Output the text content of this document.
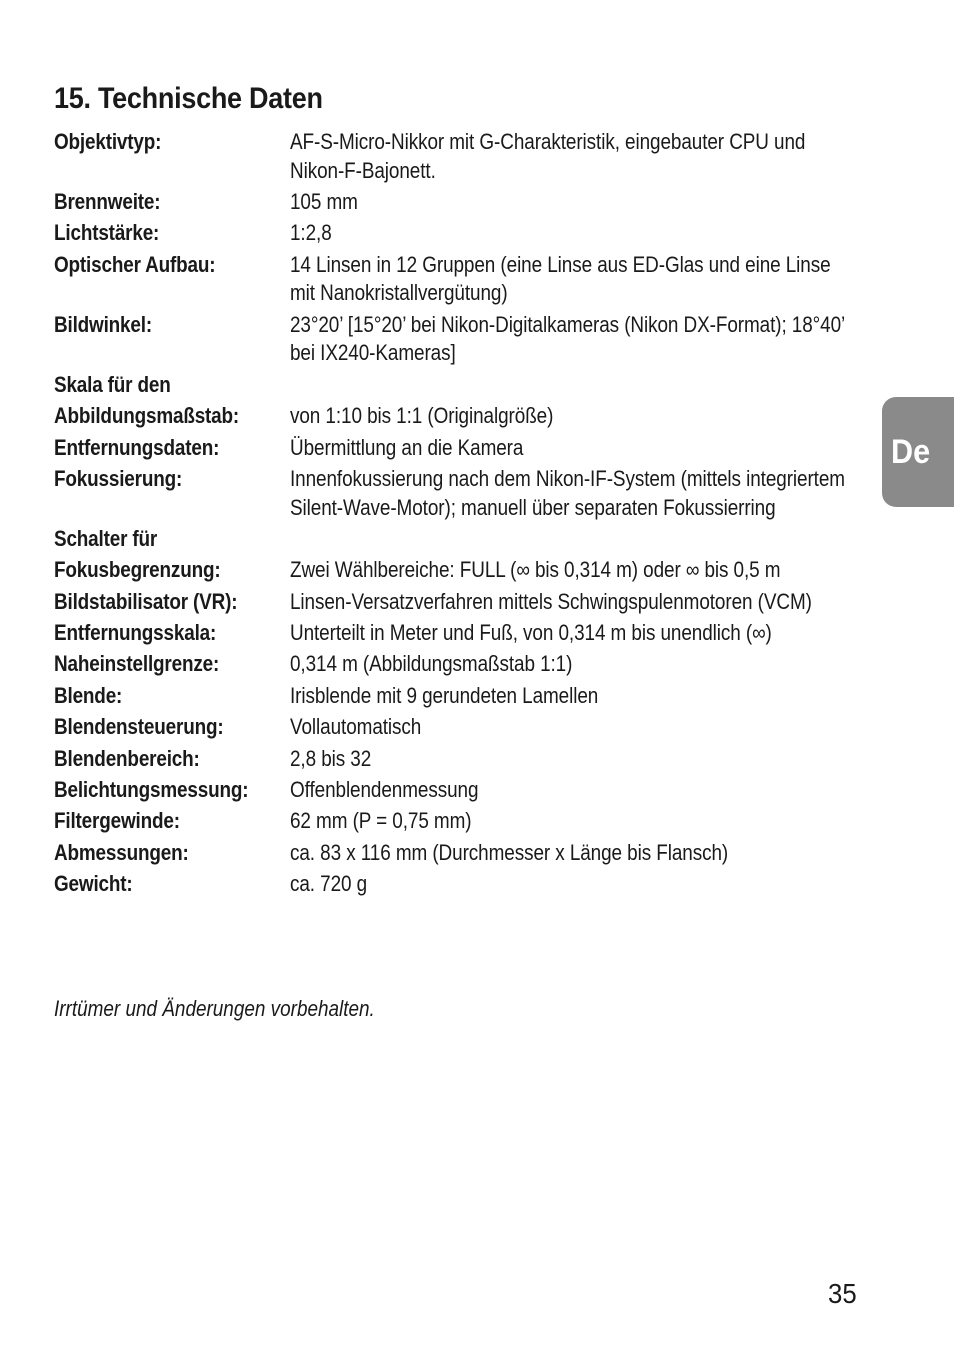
15. Technische Daten
Objektivtyp:	AF-S-Micro-Nikkor mit G-Charakteristik, eingebauter CPU und Nikon-F-Bajonett.
Brennweite:	105 mm
Lichtstärke:	1:2,8
Optischer Aufbau:	14 Linsen in 12 Gruppen (eine Linse aus ED-Glas und eine Linse mit Nanokristallvergütung)
Bildwinkel:	23°20’ [15°20’ bei Nikon-Digitalkameras (Nikon DX-Format); 18°40’ bei IX240-Kameras]
Skala für den
Abbildungsmaßstab:	von 1:10 bis 1:1 (Originalgröße)
Entfernungsdaten:	Übermittlung an die Kamera
Fokussierung:	Innenfokussierung nach dem Nikon-IF-System (mittels integriertem Silent-Wave-Motor); manuell über separaten Fokussierring
Schalter für
Fokusbegrenzung:	Zwei Wählbereiche: FULL (∞ bis 0,314 m) oder ∞ bis 0,5 m
Bildstabilisator (VR):	Linsen-Versatzverfahren mittels Schwingspulenmotoren (VCM)
Entfernungsskala:	Unterteilt in Meter und Fuß, von 0,314 m bis unendlich (∞)
Naheinstellgrenze:	0,314 m (Abbildungsmaßstab 1:1)
Blende:	Irisblende mit 9 gerundeten Lamellen
Blendensteuerung:	Vollautomatisch
Blendenbereich:	2,8 bis 32
Belichtungsmessung:	Offenblendenmessung
Filtergewinde:	62 mm (P = 0,75 mm)
Abmessungen:	ca. 83 x 116 mm (Durchmesser x Länge bis Flansch)
Gewicht:	ca. 720 g
Irrtümer und Änderungen vorbehalten.
De
35
